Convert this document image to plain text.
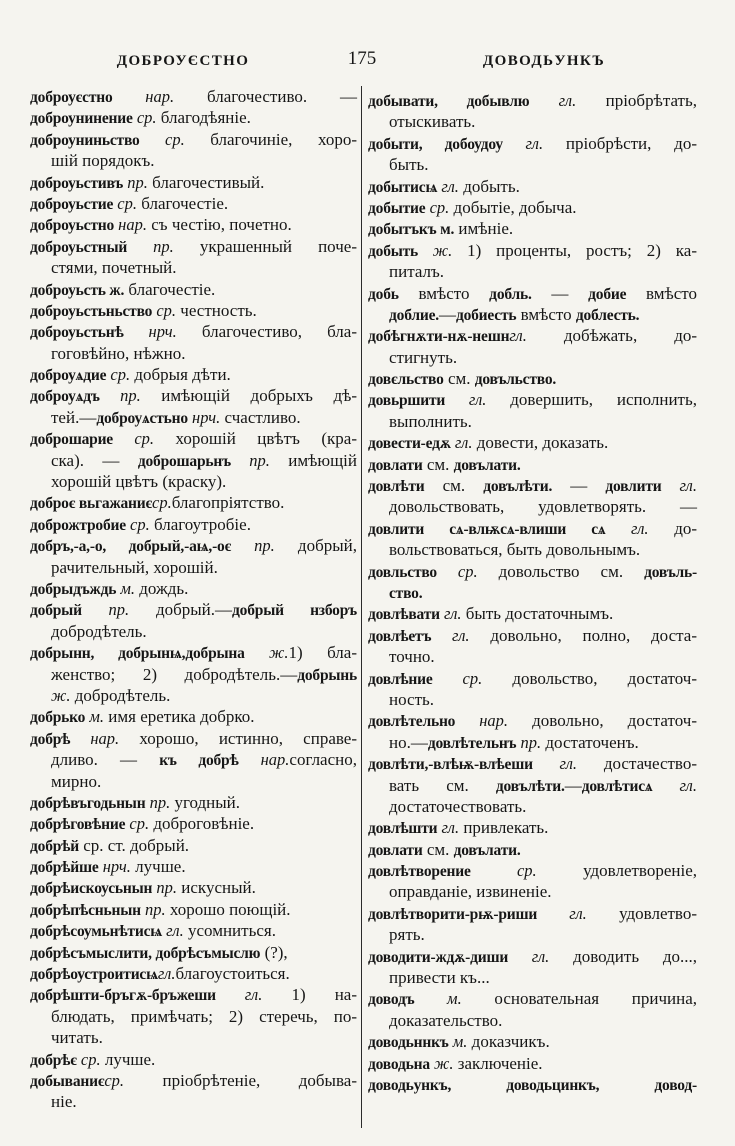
ДОБРОУЄСТНО	175	ДОВОДЬУНКЪ
доброуєстно нар. благочестиво. —
доброунинение ср. благодѣяніе.
доброуниньство ср. благочиніе, хоро-
шій порядокъ.
доброуьстивъ пр. благочестивый.
доброуьстие ср. благочестіе.
доброуьстно нар. съ честію, почетно.
доброуьстный пр. украшенный поче-
стями, почетный.
доброуьсть ж. благочестіе.
доброуьстьньство ср. честность.
доброуьстьнѣ нрч. благочестиво, бла-
гоговѣйно, нѣжно.
доброуѧдие ср. добрыя дѣти.
доброуѧдъ пр. имѣющій добрыхъ дѣ-
тей.—доброуѧстьно нрч. счастливо.
доброшарие ср. хорошій цвѣтъ (кра-
ска). — доброшарьнъ пр. имѣющій
хорошій цвѣтъ (краску).
доброє вьгажаниєср.благопріятство.
доброжтробие ср. благоутробіе.
добръ,-а,-о, добрый,-аѩ,-оє пр. добрый,
рачительный, хорошій.
добрыдъждь м. дождь.
добрый пр. добрый.—добрый нзборъ
добродѣтель.
добрынн, добрынѩ,добрына ж.1) бла-
женство; 2) добродѣтель.—добрынь
ж. добродѣтель.
добрько м. имя еретика добрко.
добрѣ нар. хорошо, истинно, справе-
дливо. — къ добрѣ нар.согласно,
мирно.
добрѣвъгодьнын пр. угодный.
добрѣговѣние ср. доброговѣніе.
добрѣй ср. ст. добрый.
добрѣйше нрч. лучше.
добрѣискоусьнын пр. искусный.
добрѣпѣсньнын пр. хорошо поющій.
добрѣсоумьнѣтисѩ гл. усомниться.
добрѣсъмыслити, добрѣсъмыслю (?),
добрѣоустроитисѩгл.благоустоиться.
добрѣшти-бръгѫ-бръжеши гл. 1) на-
блюдать, примѣчать; 2) стеречь, по-
читать.
добрѣє ср. лучше.
добываниєср. пріобрѣтеніе, добыва-
ніе.
добывати, добывлю гл. пріобрѣтать,
отыскивать.
добыти, добоудоу гл. пріобрѣсти, до-
быть.
добытисѩ гл. добыть.
добытие ср. добытіе, добыча.
добытъкъ м. имѣніе.
добыть ж. 1) проценты, ростъ; 2) ка-
питалъ.
добь вмѣсто добль. — добие вмѣсто
доблие.—добиесть вмѣсто доблесть.
добѣгнѫти-нѫ-нешнгл. добѣжать, до-
стигнуть.
довєльство см. довъльство.
довьршити гл. довершить, исполнить,
выполнить.
довести-едѫ гл. довести, доказать.
довлати см. довълати.
довлѣти см. довълѣти. — довлити гл.
довольствовать, удовлетворять. —
довлити сѧ-влѭсѧ-влиши сѧ гл. до-
вольствоваться, быть довольнымъ.
довльство ср. довольство см. довъль-
ство.
довлѣвати гл. быть достаточнымъ.
довлѣетъ гл. довольно, полно, доста-
точно.
довлѣние ср. довольство, достаточ-
ность.
довлѣтельно нар. довольно, достаточ-
но.—довлѣтельнъ пр. достаточенъ.
довлѣти,-влѣѭ-влѣеши гл. достачество-
вать см. довълѣти.—довлѣтисѧ гл.
достаточествовать.
довлѣшти гл. привлекать.
довлати см. довълати.
довлѣтворение ср. удовлетвореніе,
оправданіе, извиненіе.
довлѣтворити-рѭ-риши гл. удовлетво-
рять.
доводити-ждѫ-диши гл. доводить до...,
привести къ...
доводъ м. основательная причина,
доказательство.
доводьннкъ м. доказчикъ.
доводьна ж. заключеніе.
доводьункъ, доводьцинкъ, довод-
